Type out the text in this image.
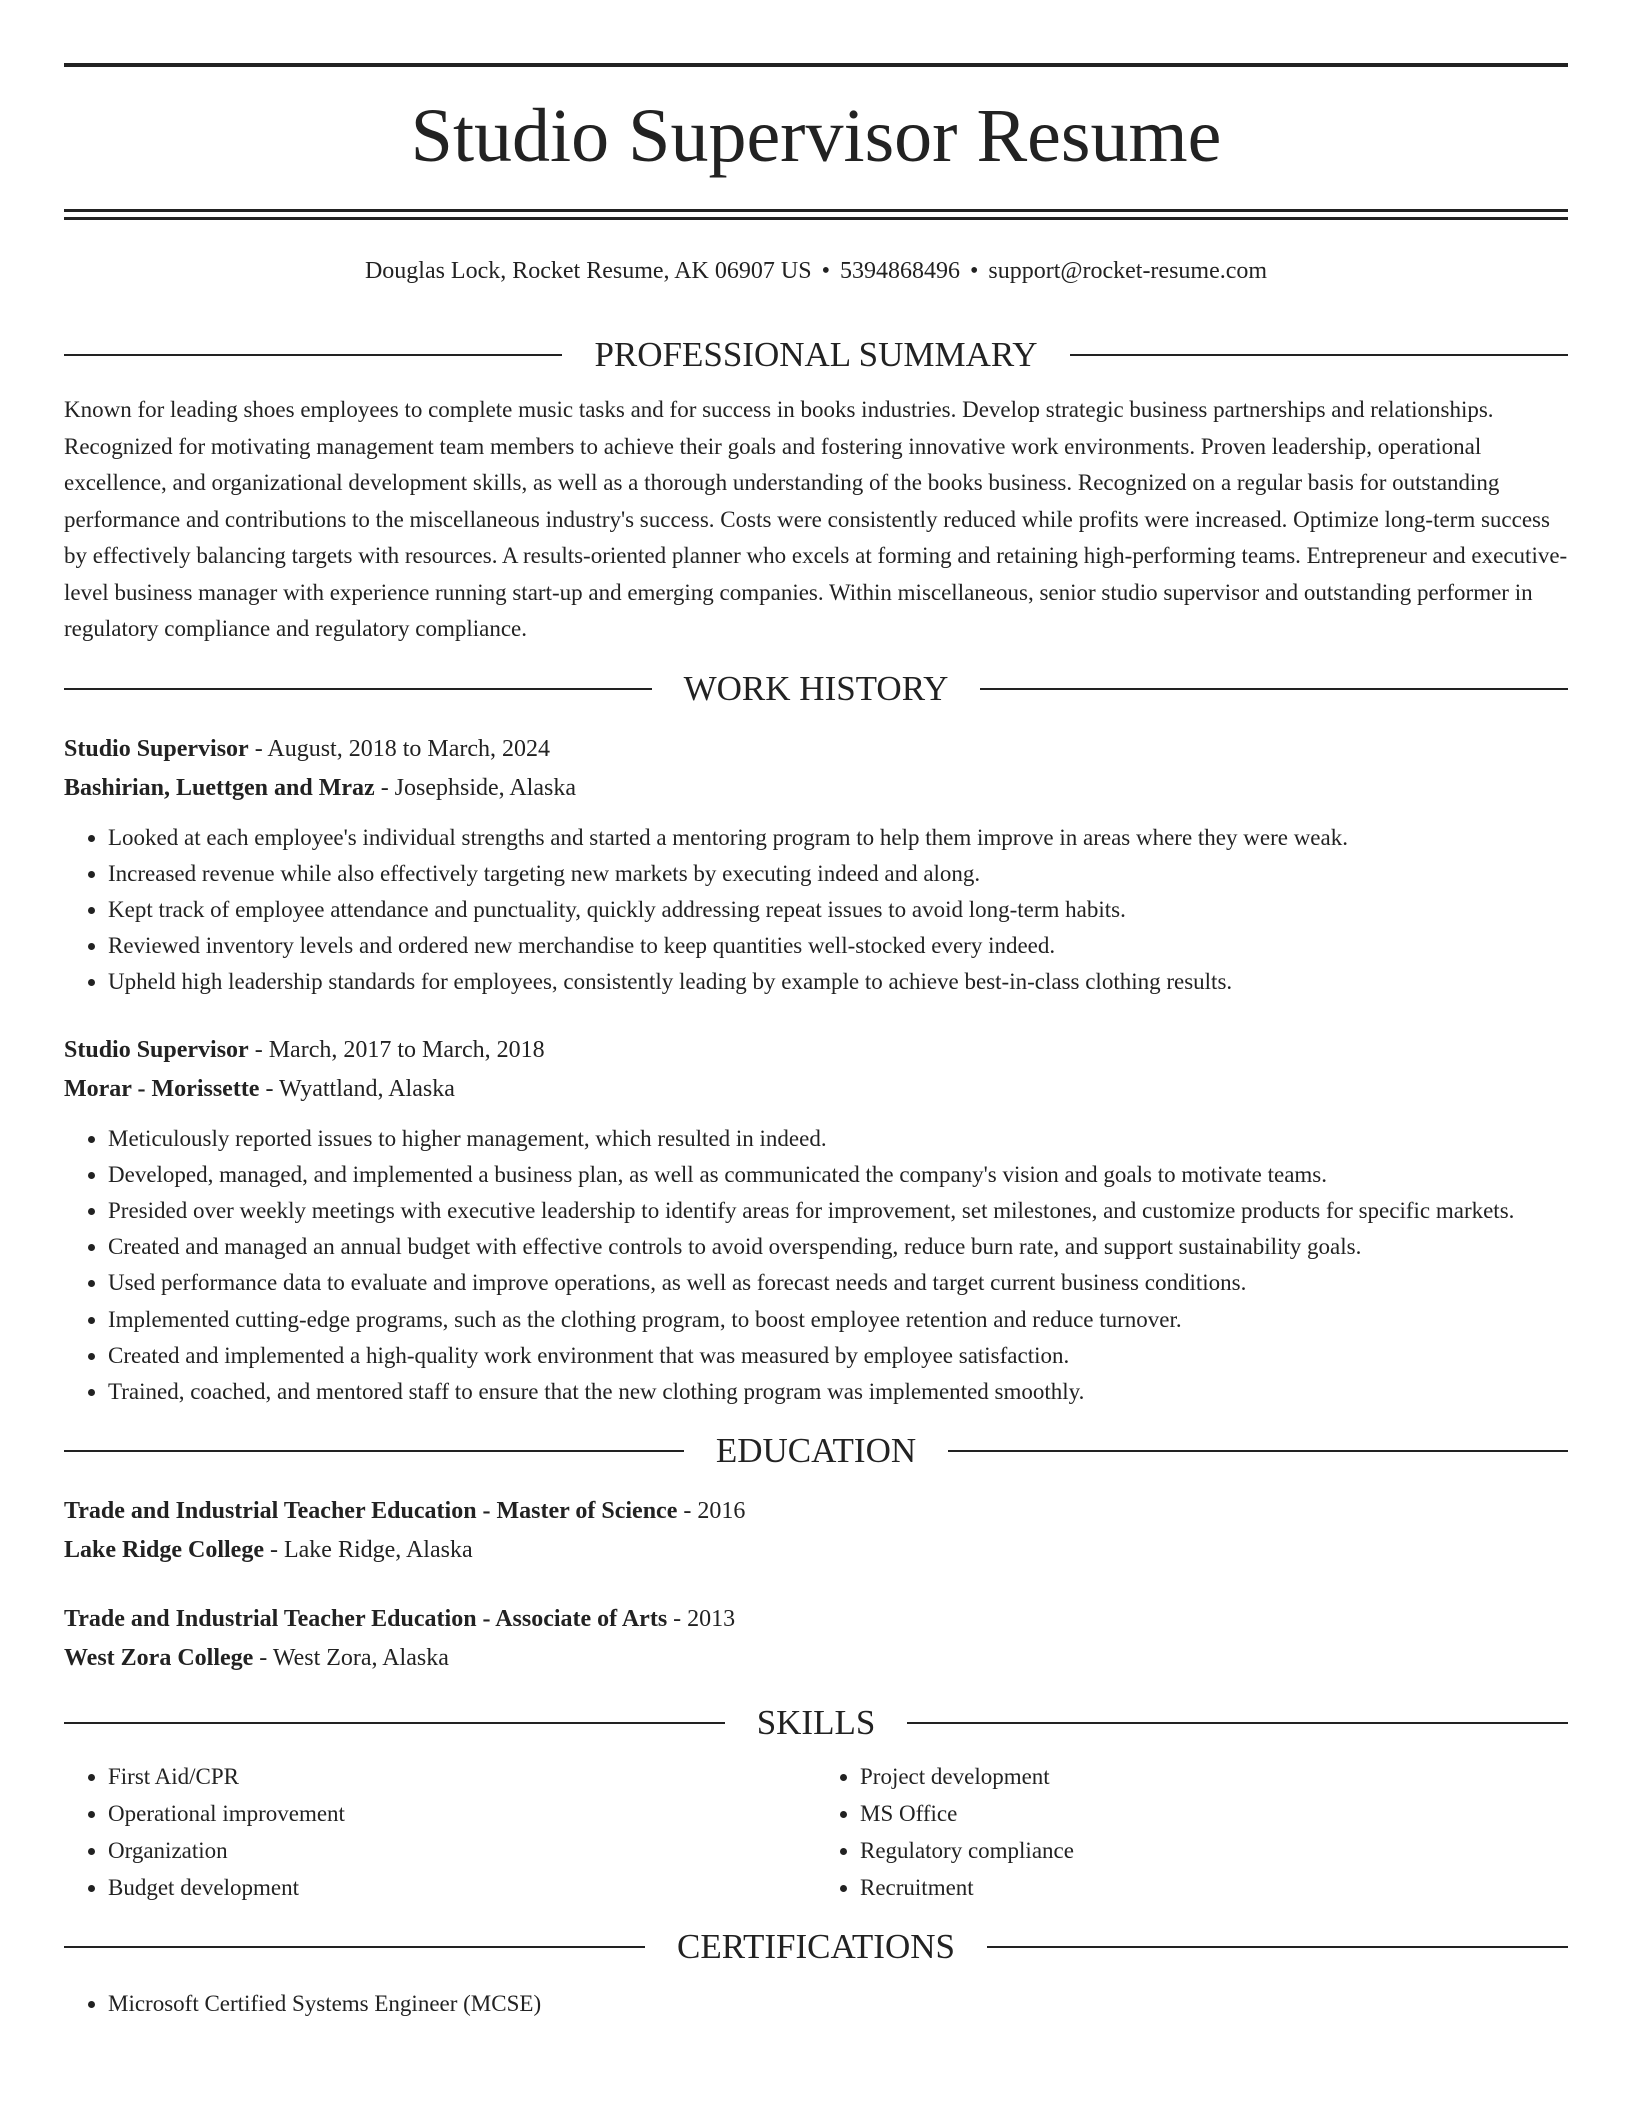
Studio Supervisor Resume
Douglas Lock, Rocket Resume, AK 06907 US • 5394868496 • support@rocket-resume.com
PROFESSIONAL SUMMARY
Known for leading shoes employees to complete music tasks and for success in books industries. Develop strategic business partnerships and relationships. Recognized for motivating management team members to achieve their goals and fostering innovative work environments. Proven leadership, operational excellence, and organizational development skills, as well as a thorough understanding of the books business. Recognized on a regular basis for outstanding performance and contributions to the miscellaneous industry's success. Costs were consistently reduced while profits were increased. Optimize long-term success by effectively balancing targets with resources. A results-oriented planner who excels at forming and retaining high-performing teams. Entrepreneur and executive-level business manager with experience running start-up and emerging companies. Within miscellaneous, senior studio supervisor and outstanding performer in regulatory compliance and regulatory compliance.
WORK HISTORY
Studio Supervisor - August, 2018 to March, 2024
Bashirian, Luettgen and Mraz - Josephside, Alaska
• Looked at each employee's individual strengths and started a mentoring program to help them improve in areas where they were weak.
• Increased revenue while also effectively targeting new markets by executing indeed and along.
• Kept track of employee attendance and punctuality, quickly addressing repeat issues to avoid long-term habits.
• Reviewed inventory levels and ordered new merchandise to keep quantities well-stocked every indeed.
• Upheld high leadership standards for employees, consistently leading by example to achieve best-in-class clothing results.
Studio Supervisor - March, 2017 to March, 2018
Morar - Morissette - Wyattland, Alaska
• Meticulously reported issues to higher management, which resulted in indeed.
• Developed, managed, and implemented a business plan, as well as communicated the company's vision and goals to motivate teams.
• Presided over weekly meetings with executive leadership to identify areas for improvement, set milestones, and customize products for specific markets.
• Created and managed an annual budget with effective controls to avoid overspending, reduce burn rate, and support sustainability goals.
• Used performance data to evaluate and improve operations, as well as forecast needs and target current business conditions.
• Implemented cutting-edge programs, such as the clothing program, to boost employee retention and reduce turnover.
• Created and implemented a high-quality work environment that was measured by employee satisfaction.
• Trained, coached, and mentored staff to ensure that the new clothing program was implemented smoothly.
EDUCATION
Trade and Industrial Teacher Education - Master of Science - 2016
Lake Ridge College - Lake Ridge, Alaska
Trade and Industrial Teacher Education - Associate of Arts - 2013
West Zora College - West Zora, Alaska
SKILLS
• First Aid/CPR
• Operational improvement
• Organization
• Budget development
• Project development
• MS Office
• Regulatory compliance
• Recruitment
CERTIFICATIONS
• Microsoft Certified Systems Engineer (MCSE)
